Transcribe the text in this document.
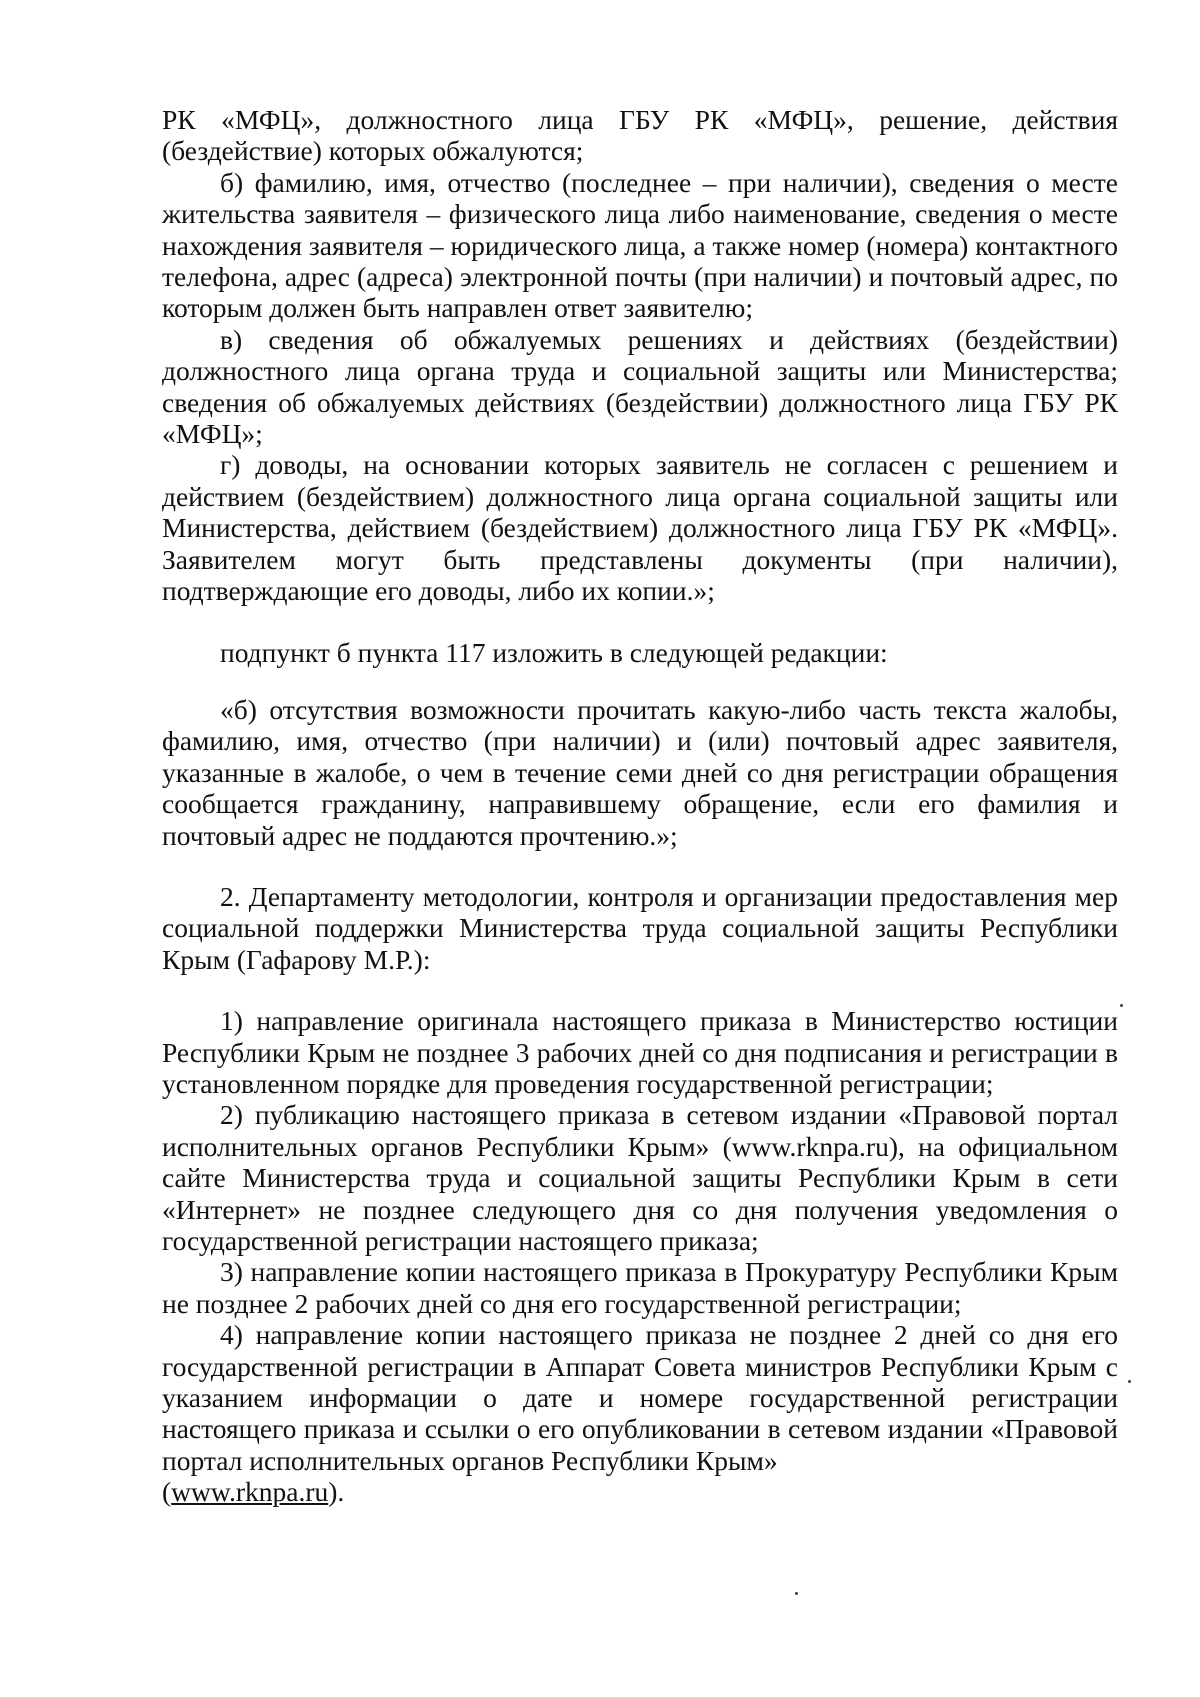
РК «МФЦ», должностного лица ГБУ РК «МФЦ», решение, действия (бездействие) которых обжалуются;

б) фамилию, имя, отчество (последнее – при наличии), сведения о месте жительства заявителя – физического лица либо наименование, сведения о месте нахождения заявителя – юридического лица, а также номер (номера) контактного телефона, адрес (адреса) электронной почты (при наличии) и почтовый адрес, по которым должен быть направлен ответ заявителю;

в) сведения об обжалуемых решениях и действиях (бездействии) должностного лица органа труда и социальной защиты или Министерства; сведения об обжалуемых действиях (бездействии) должностного лица ГБУ РК «МФЦ»;

г) доводы, на основании которых заявитель не согласен с решением и действием (бездействием) должностного лица органа социальной защиты или Министерства, действием (бездействием) должностного лица ГБУ РК «МФЦ». Заявителем могут быть представлены документы (при наличии), подтверждающие его доводы, либо их копии.»;

подпункт б пункта 117 изложить в следующей редакции:

«б) отсутствия возможности прочитать какую-либо часть текста жалобы, фамилию, имя, отчество (при наличии) и (или) почтовый адрес заявителя, указанные в жалобе, о чем в течение семи дней со дня регистрации обращения сообщается гражданину, направившему обращение, если его фамилия и почтовый адрес не поддаются прочтению.»;

2. Департаменту методологии, контроля и организации предоставления мер социальной поддержки Министерства труда социальной защиты Республики Крым (Гафарову М.Р.):

1) направление оригинала настоящего приказа в Министерство юстиции Республики Крым не позднее 3 рабочих дней со дня подписания и регистрации в установленном порядке для проведения государственной регистрации;

2) публикацию настоящего приказа в сетевом издании «Правовой портал исполнительных органов Республики Крым» (www.rknpa.ru), на официальном сайте Министерства труда и социальной защиты Республики Крым в сети «Интернет» не позднее следующего дня со дня получения уведомления о государственной регистрации настоящего приказа;

3) направление копии настоящего приказа в Прокуратуру Республики Крым не позднее 2 рабочих дней со дня его государственной регистрации;

4) направление копии настоящего приказа не позднее 2 дней со дня его государственной регистрации в Аппарат Совета министров Республики Крым с указанием информации о дате и номере государственной регистрации настоящего приказа и ссылки о его опубликовании в сетевом издании «Правовой портал исполнительных органов Республики Крым»

(www.rknpa.ru).
